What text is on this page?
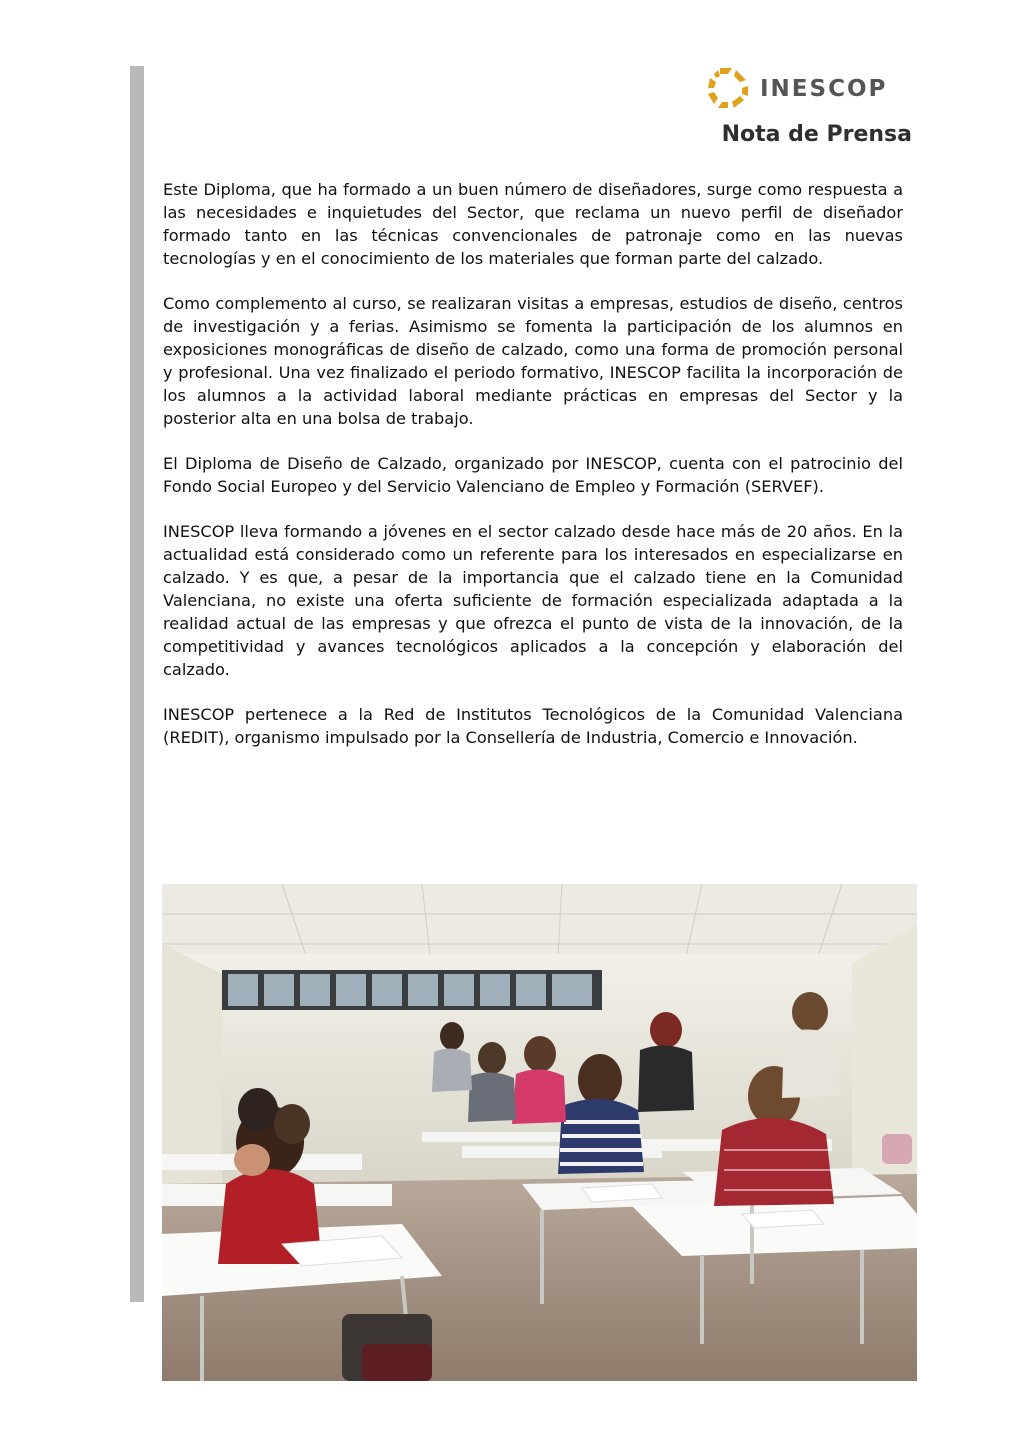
INESCOP
Nota de Prensa

Este Diploma, que ha formado a un buen número de diseñadores, surge como respuesta a las necesidades e inquietudes del Sector, que reclama un nuevo perfil de diseñador formado tanto en las técnicas convencionales de patronaje como en las nuevas tecnologías y en el conocimiento de los materiales que forman parte del calzado.

Como complemento al curso, se realizaran visitas a empresas, estudios de diseño, centros de investigación y a ferias. Asimismo se fomenta la participación de los alumnos en exposiciones monográficas de diseño de calzado, como una forma de promoción personal y profesional. Una vez finalizado el periodo formativo, INESCOP facilita la incorporación de los alumnos a la actividad laboral mediante prácticas en empresas del Sector y la posterior alta en una bolsa de trabajo.

El Diploma de Diseño de Calzado, organizado por INESCOP, cuenta con el patrocinio del Fondo Social Europeo y del Servicio Valenciano de Empleo y Formación (SERVEF).

INESCOP lleva formando a jóvenes en el sector calzado desde hace más de 20 años. En la actualidad está considerado como un referente para los interesados en especializarse en calzado. Y es que, a pesar de la importancia que el calzado tiene en la Comunidad Valenciana, no existe una oferta suficiente de formación especializada adaptada a la realidad actual de las empresas y que ofrezca el punto de vista de la innovación, de la competitividad y avances tecnológicos aplicados a la concepción y elaboración del calzado.

INESCOP pertenece a la Red de Institutos Tecnológicos de la Comunidad Valenciana (REDIT), organismo impulsado por la Consellería de Industria, Comercio e Innovación.
